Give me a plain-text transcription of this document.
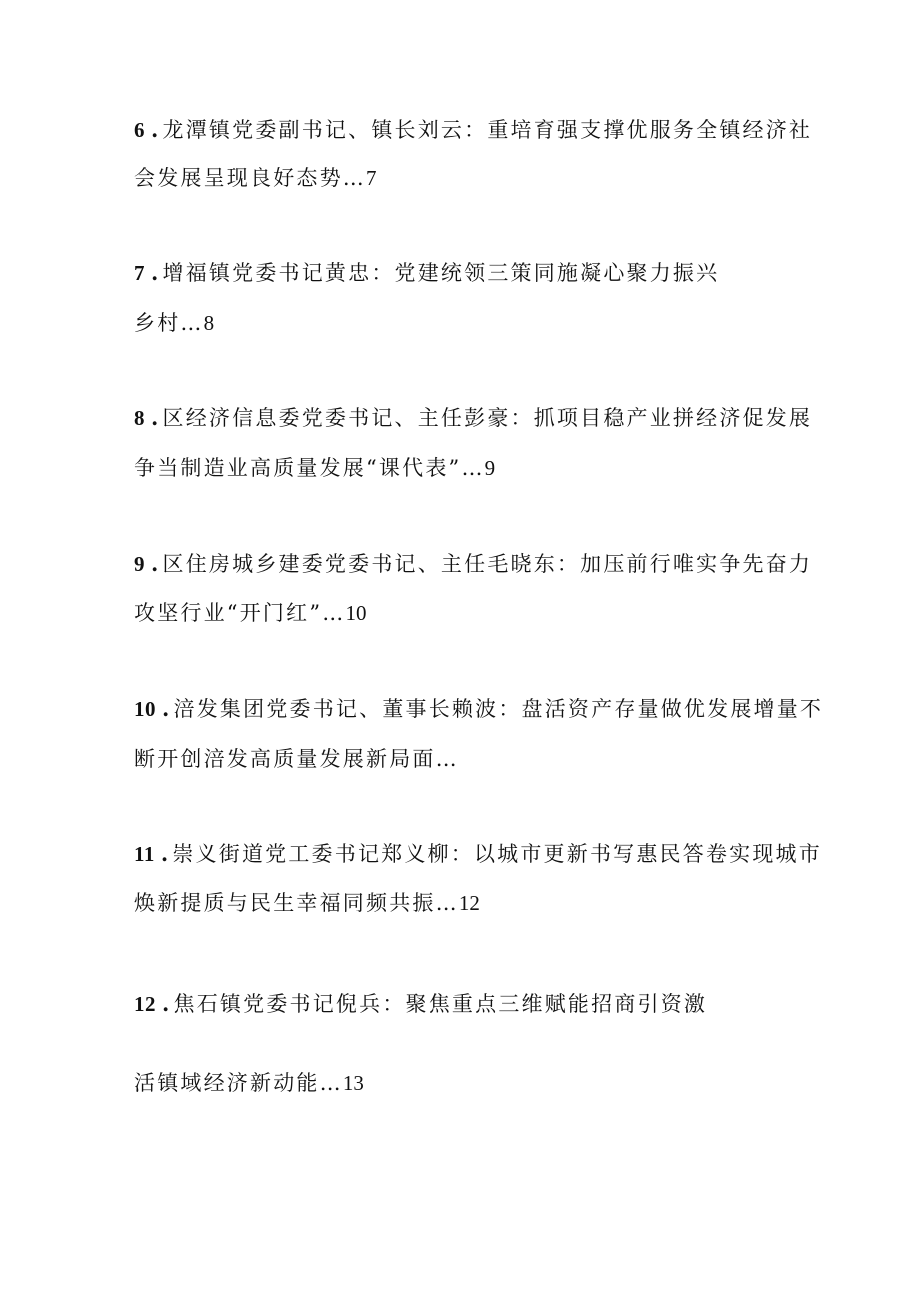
6 .龙潭镇党委副书记、镇长刘云：重培育强支撑优服务全镇经济社
会发展呈现良好态势…7
7 .增福镇党委书记黄忠：党建统领三策同施凝心聚力振兴
乡村…8
8 .区经济信息委党委书记、主任彭豪：抓项目稳产业拼经济促发展
争当制造业高质量发展“课代表”…9
9 .区住房城乡建委党委书记、主任毛晓东：加压前行唯实争先奋力
攻坚行业“开门红”…10
10 .涪发集团党委书记、董事长赖波：盘活资产存量做优发展增量不
断开创涪发高质量发展新局面…
11 .崇义街道党工委书记郑义柳：以城市更新书写惠民答卷实现城市
焕新提质与民生幸福同频共振…12
12 .焦石镇党委书记倪兵：聚焦重点三维赋能招商引资激
活镇域经济新动能…13
